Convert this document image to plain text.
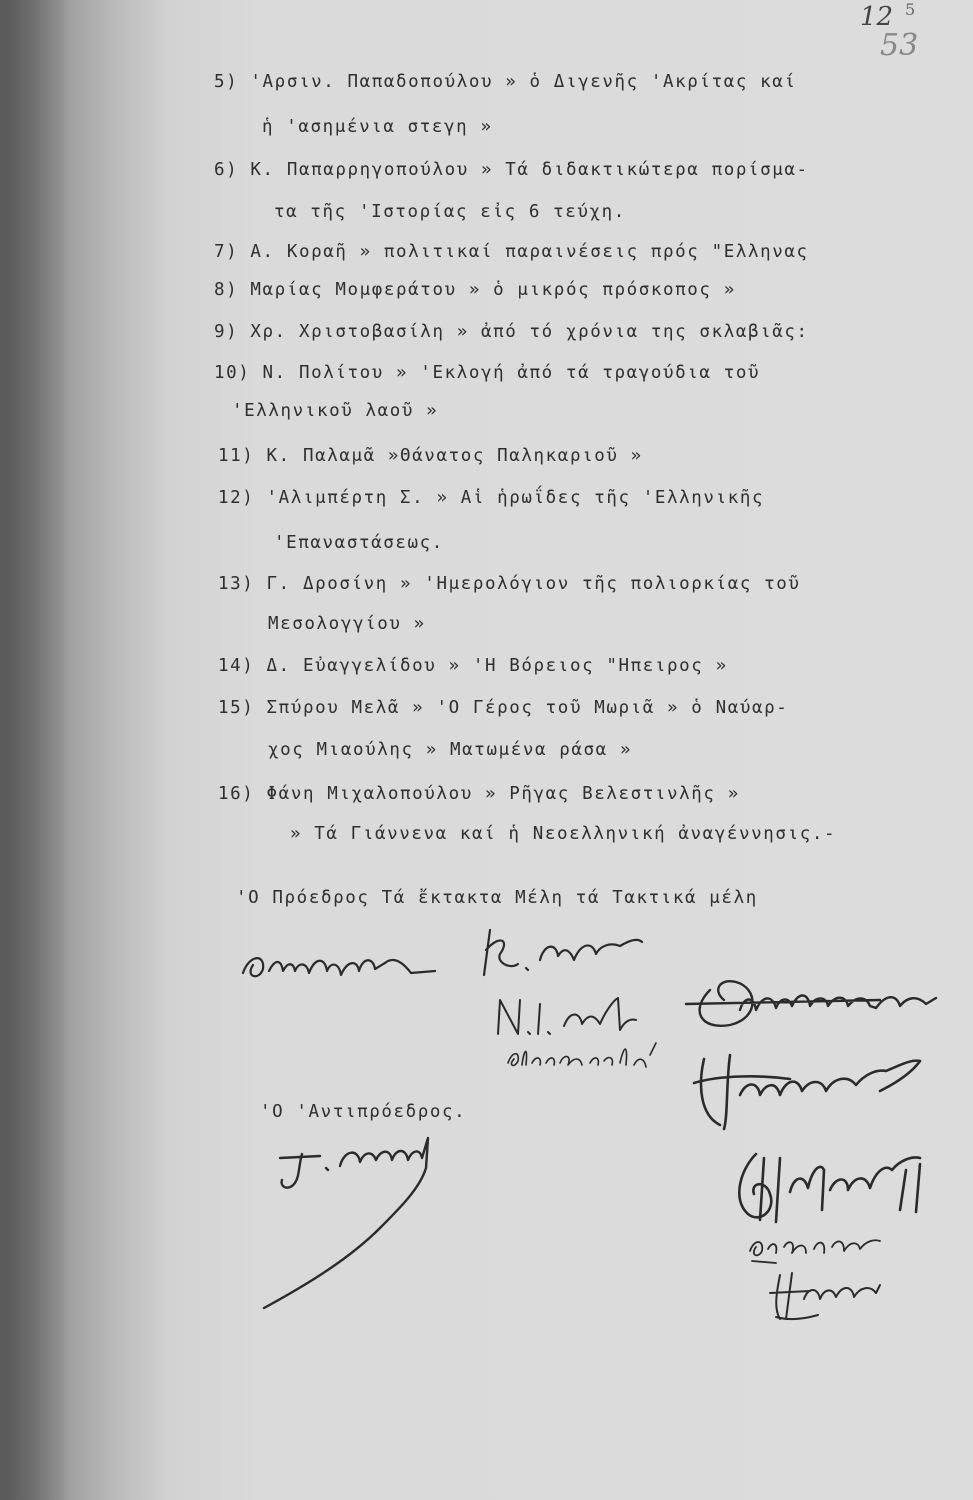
12 5
53
5) 'Αρσιν. Παπαδοπούλου » ὁ Διγενῆς 'Ακρίτας καί
ἡ 'ασημένια στεγη »
6) Κ. Παπαρρηγοπούλου » Τά διδακτικώτερα πορίσμα-
τα τῆς 'Ιστορίας εἰς 6 τεύχη.
7) Α. Κοραῆ » πολιτικαί παραινέσεις πρός "Ελληνας
8) Μαρίας Μομφεράτου » ὁ μικρός πρόσκοπος »
9) Χρ. Χριστοβασίλη » ἀπό τό χρόνια της σκλαβιᾶς:
10) Ν. Πολίτου » 'Εκλογή ἀπό τά τραγούδια τοῦ
'Ελληνικοῦ λαοῦ »
11) Κ. Παλαμᾶ »Θάνατος Παληκαριοῦ »
12) 'Αλιμπέρτη Σ. » Αἱ ἡρωΐδες τῆς 'Ελληνικῆς
'Επαναστάσεως.
13) Γ. Δροσίνη » 'Ημερολόγιον τῆς πολιορκίας τοῦ
Μεσολογγίου »
14) Δ. Εὐαγγελίδου » 'Η Βόρειος "Ηπειρος »
15) Σπύρου Μελᾶ » 'Ο Γέρος τοῦ Μωριᾶ » ὁ Ναύαρ-
χος Μιαούλης » Ματωμένα ράσα »
16) Φάνη Μιχαλοπούλου » Ρῆγας Βελεστινλῆς »
» Τά Γιάννενα καί ἡ Νεοελληνική ἀναγέννησις.-
'Ο Πρόεδρος Τά ἔκτακτα Μέλη τά Τακτικά μέλη
'Ο 'Αντιπρόεδρος.
